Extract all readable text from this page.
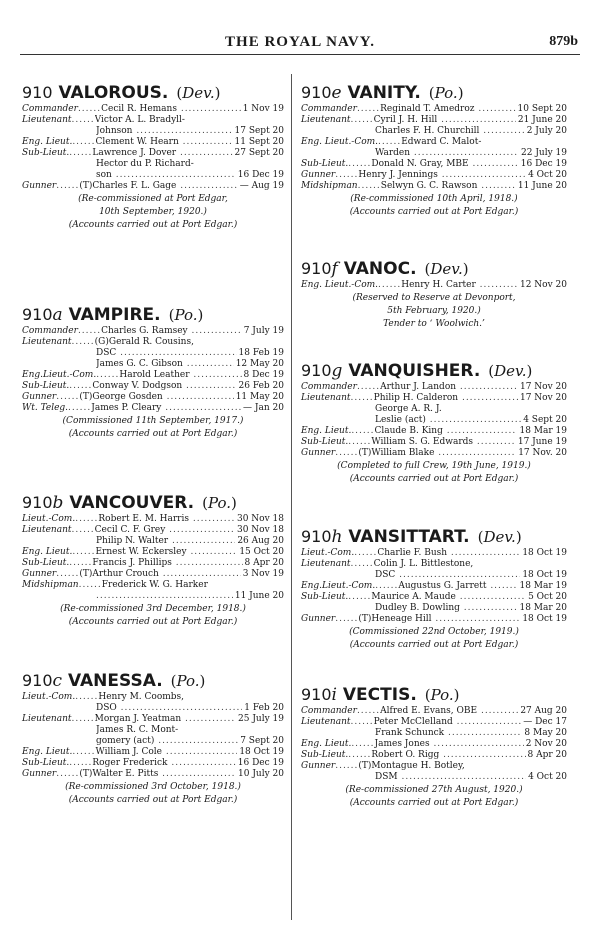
THE ROYAL NAVY.	879b
910 VALOROUS. (Dev.)
Commander ...... Cecil R. Hemans .....	1 Nov 19
Lieutenant ...... Victor A. L. Bradyll-
Johnson .....	17 Sept 20
Eng. Lieut. ...... Clement W. Hearn .....	11 Sept 20
Sub-Lieut. ...... Lawrence J. Dover .....	27 Sept 20
Hector du P. Richard-
son .....	16 Dec 19
Gunner ...... (T)Charles F. L. Gage .....	— Aug 19
(Re-commissioned at Port Edgar,
10th September, 1920.)
(Accounts carried out at Port Edgar.)
910a VAMPIRE. (Po.)
Commander ...... Charles G. Ramsey .....	7 July 19
Lieutenant ...... (G)Gerald R. Cousins,
DSC .....	18 Feb 19
James G. C. Gibson .....	12 May 20
Eng.Lieut.-Com. ...... Harold Leather .....	8 Dec 19
Sub-Lieut. ...... Conway V. Dodgson .....	26 Feb 20
Gunner ...... (T)George Gosden .....	11 May 20
Wt. Teleg. ...... James P. Cleary .....	— Jan 20
(Commissioned 11th September, 1917.)
(Accounts carried out at Port Edgar.)
910b VANCOUVER. (Po.)
Lieut.-Com. ...... Robert E. M. Harris .....	30 Nov 18
Lieutenant ...... Cecil C. F. Grey .....	30 Nov 18
Philip N. Walter .....	26 Aug 20
Eng. Lieut. ...... Ernest W. Eckersley .....	15 Oct 20
Sub-Lieut. ...... Francis J. Phillips .....	8 Apr 20
Gunner ...... (T)Arthur Crouch .....	3 Nov 19
Midshipman ...... Frederick W. G. Harker
.....
11 June 20
(Re-commissioned 3rd December, 1918.)
(Accounts carried out at Port Edgar.)
910c VANESSA. (Po.)
Lieut.-Com. ...... Henry M. Coombs,
DSO .....	1 Feb 20
Lieutenant ...... Morgan J. Yeatman .....	25 July 19
James R. C. Mont-
gomery (act) .....	7 Sept 20
Eng. Lieut. ...... William J. Cole .....	18 Oct 19
Sub-Lieut. ...... Roger Frederick .....	16 Dec 19
Gunner ...... (T)Walter E. Pitts .....	10 July 20
(Re-commissioned 3rd October, 1918.)
(Accounts carried out at Port Edgar.)
910e VANITY. (Po.)
Commander ...... Reginald T. Amedroz .....	10 Sept 20
Lieutenant ...... Cyril J. H. Hill .....	21 June 20
Charles F. H. Churchill .....	2 July 20
Eng. Lieut.-Com. ...... Edward C. Malot-
Warden .....	22 July 19
Sub-Lieut. ...... Donald N. Gray, MBE .....	16 Dec 19
Gunner ...... Henry J. Jennings .....	4 Oct 20
Midshipman ...... Selwyn G. C. Rawson .....	11 June 20
(Re-commissioned 10th April, 1918.)
(Accounts carried out at Port Edgar.)
910f VANOC. (Dev.)
Eng. Lieut.-Com. ...... Henry H. Carter .....	12 Nov 20
(Reserved to Reserve at Devonport,
5th February, 1920.)
Tender to ‘ Woolwich.’
910g VANQUISHER. (Dev.)
Commander ...... Arthur J. Landon .....	17 Nov 20
Lieutenant ...... Philip H. Calderon .....	17 Nov 20
George A. R. J.
Leslie (act) .....	4 Sept 20
Eng. Lieut. ...... Claude B. King .....	18 Mar 19
Sub-Lieut. ...... William S. G. Edwards .....	17 June 19
Gunner ...... (T)William Blake .....	17 Nov. 20
(Completed to full Crew, 19th June, 1919.)
(Accounts carried out at Port Edgar.)
910h VANSITTART. (Dev.)
Lieut.-Com. ...... Charlie F. Bush .....	18 Oct 19
Lieutenant ...... Colin J. L. Bittlestone,
DSC .....	18 Oct 19
Eng.Lieut.-Com. ...... Augustus G. Jarrett .....	18 Mar 19
Sub-Lieut. ...... Maurice A. Maude .....	5 Oct 20
Dudley B. Dowling .....	18 Mar 20
Gunner ...... (T)Heneage Hill .....	18 Oct 19
(Commissioned 22nd October, 1919.)
(Accounts carried out at Port Edgar.)
910i VECTIS. (Po.)
Commander ...... Alfred E. Evans, OBE .....	27 Aug 20
Lieutenant ...... Peter McClelland .....	— Dec 17
Frank Schunck .....	8 May 20
Eng. Lieut. ...... James Jones .....	2 Nov 20
Sub-Lieut. ...... Robert O. Rigg .....	8 Apr 20
Gunner ...... (T)Montague H. Botley,
DSM .....	4 Oct 20
(Re-commissioned 27th August, 1920.)
(Accounts carried out at Port Edgar.)
